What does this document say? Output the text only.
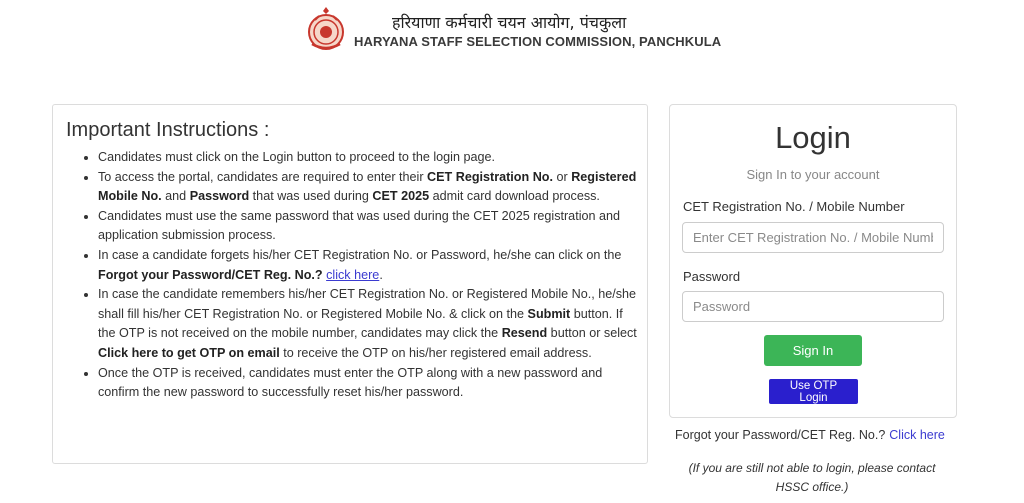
हरियाणा कर्मचारी चयन आयोग, पंचकुला
HARYANA STAFF SELECTION COMMISSION, PANCHKULA
Important Instructions :
• Candidates must click on the Login button to proceed to the login page.
• To access the portal, candidates are required to enter their CET Registration No. or Registered Mobile No. and Password that was used during CET 2025 admit card download process.
• Candidates must use the same password that was used during the CET 2025 registration and application submission process.
• In case a candidate forgets his/her CET Registration No. or Password, he/she can click on the Forgot your Password/CET Reg. No.? click here.
• In case the candidate remembers his/her CET Registration No. or Registered Mobile No., he/she shall fill his/her CET Registration No. or Registered Mobile No. & click on the Submit button. If the OTP is not received on the mobile number, candidates may click the Resend button or select Click here to get OTP on email to receive the OTP on his/her registered email address.
• Once the OTP is received, candidates must enter the OTP along with a new password and confirm the new password to successfully reset his/her password.
Login
Sign In to your account
CET Registration No. / Mobile Number
Enter CET Registration No. / Mobile Number
Password
Sign In
Use OTP Login
Forgot your Password/CET Reg. No.? Click here
(If you are still not able to login, please contact HSSC office.)
